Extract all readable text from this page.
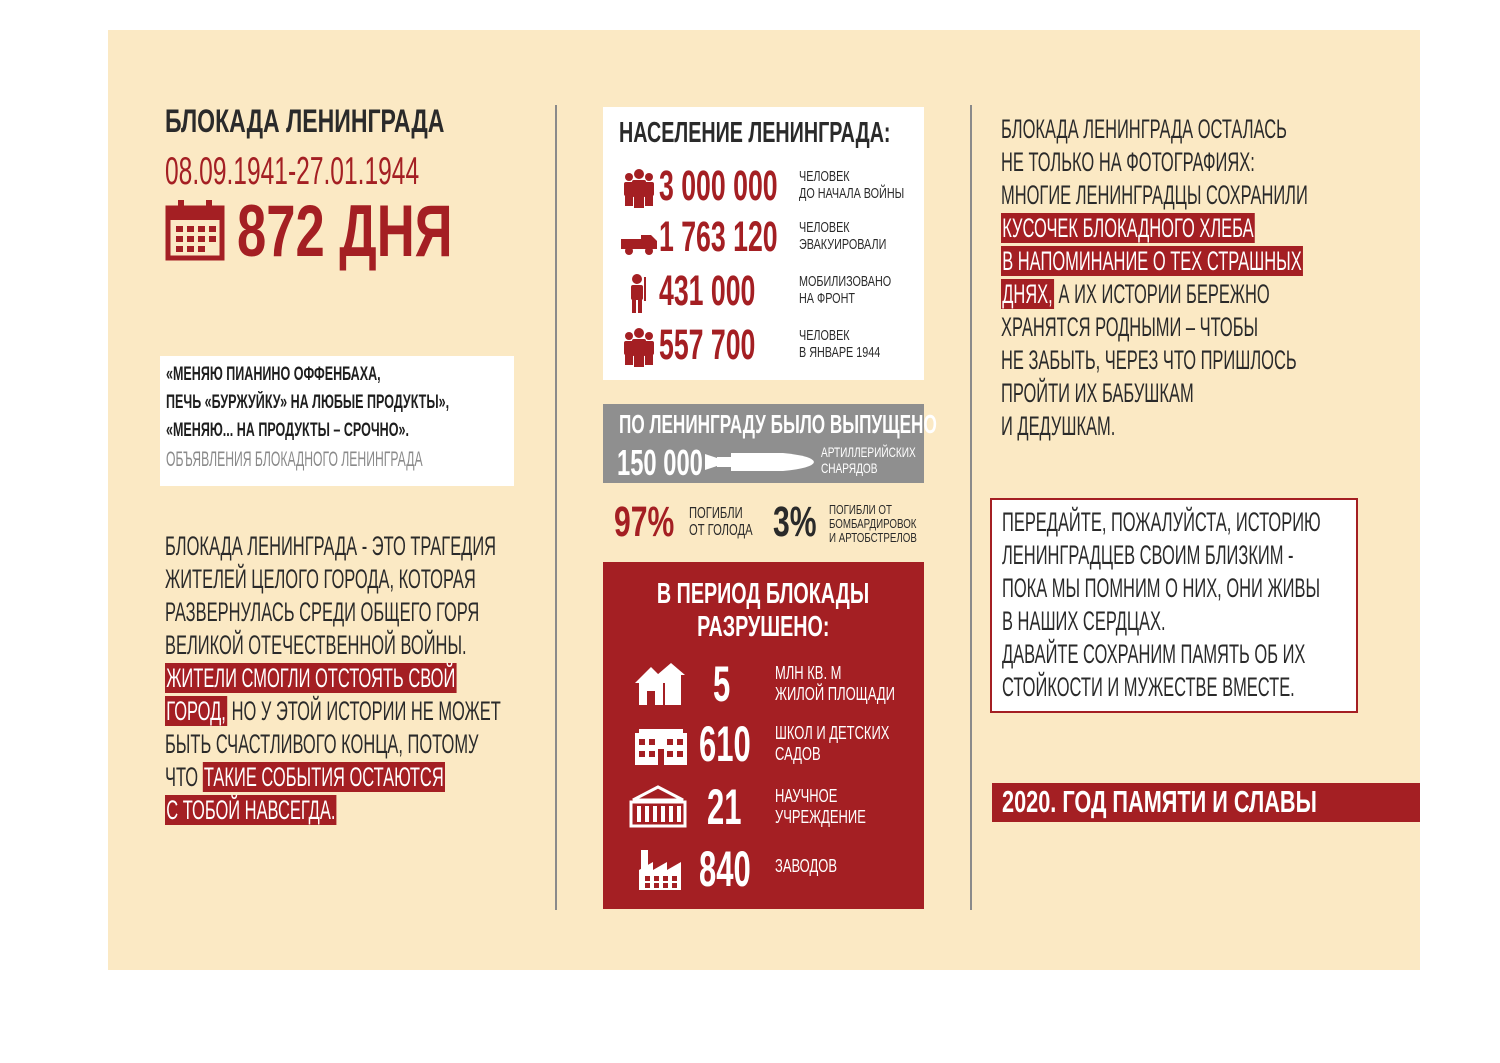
БЛОКАДА ЛЕНИНГРАДА
08.09.1941-27.01.1944
872 ДНЯ
«МЕНЯЮ ПИАНИНО ОФФЕНБАХА,
ПЕЧЬ «БУРЖУЙКУ» НА ЛЮБЫЕ ПРОДУКТЫ»,
«МЕНЯЮ... НА ПРОДУКТЫ – СРОЧНО».
ОБЪЯВЛЕНИЯ БЛОКАДНОГО ЛЕНИНГРАДА
БЛОКАДА ЛЕНИНГРАДА - ЭТО ТРАГЕДИЯ
ЖИТЕЛЕЙ ЦЕЛОГО ГОРОДА, КОТОРАЯ
РАЗВЕРНУЛАСЬ СРЕДИ ОБЩЕГО ГОРЯ
ВЕЛИКОЙ ОТЕЧЕСТВЕННОЙ ВОЙНЫ.
ЖИТЕЛИ СМОГЛИ ОТСТОЯТЬ СВОЙ
ГОРОД, НО У ЭТОЙ ИСТОРИИ НЕ МОЖЕТ
БЫТЬ СЧАСТЛИВОГО КОНЦА, ПОТОМУ
ЧТО ТАКИЕ СОБЫТИЯ ОСТАЮТСЯ
С ТОБОЙ НАВСЕГДА.
НАСЕЛЕНИЕ ЛЕНИНГРАДА:
3 000 000	ЧЕЛОВЕК
ДО НАЧАЛА ВОЙНЫ
1 763 120	ЧЕЛОВЕК
ЭВАКУИРОВАЛИ
431 000	МОБИЛИЗОВАНО
НА ФРОНТ
557 700	ЧЕЛОВЕК
В ЯНВАРЕ 1944
ПО ЛЕНИНГРАДУ БЫЛО ВЫПУЩЕНО
150 000	АРТИЛЛЕРИЙСКИХ
СНАРЯДОВ
97% ПОГИБЛИ
ОТ ГОЛОДА 3% ПОГИБЛИ ОТ
БОМБАРДИРОВОК
И АРТОБСТРЕЛОВ
В ПЕРИОД БЛОКАДЫ
РАЗРУШЕНО:
5	МЛН КВ. М
ЖИЛОЙ ПЛОЩАДИ
610	ШКОЛ И ДЕТСКИХ
САДОВ
21	НАУЧНОЕ
УЧРЕЖДЕНИЕ
840	ЗАВОДОВ
БЛОКАДА ЛЕНИНГРАДА ОСТАЛАСЬ
НЕ ТОЛЬКО НА ФОТОГРАФИЯХ:
МНОГИЕ ЛЕНИНГРАДЦЫ СОХРАНИЛИ
КУСОЧЕК БЛОКАДНОГО ХЛЕБА
В НАПОМИНАНИЕ О ТЕХ СТРАШНЫХ
ДНЯХ, А ИХ ИСТОРИИ БЕРЕЖНО
ХРАНЯТСЯ РОДНЫМИ – ЧТОБЫ
НЕ ЗАБЫТЬ, ЧЕРЕЗ ЧТО ПРИШЛОСЬ
ПРОЙТИ ИХ БАБУШКАМ
И ДЕДУШКАМ.
ПЕРЕДАЙТЕ, ПОЖАЛУЙСТА, ИСТОРИЮ
ЛЕНИНГРАДЦЕВ СВОИМ БЛИЗКИМ -
ПОКА МЫ ПОМНИМ О НИХ, ОНИ ЖИВЫ
В НАШИХ СЕРДЦАХ.
ДАВАЙТЕ СОХРАНИМ ПАМЯТЬ ОБ ИХ
СТОЙКОСТИ И МУЖЕСТВЕ ВМЕСТЕ.
2020. ГОД ПАМЯТИ И СЛАВЫ
